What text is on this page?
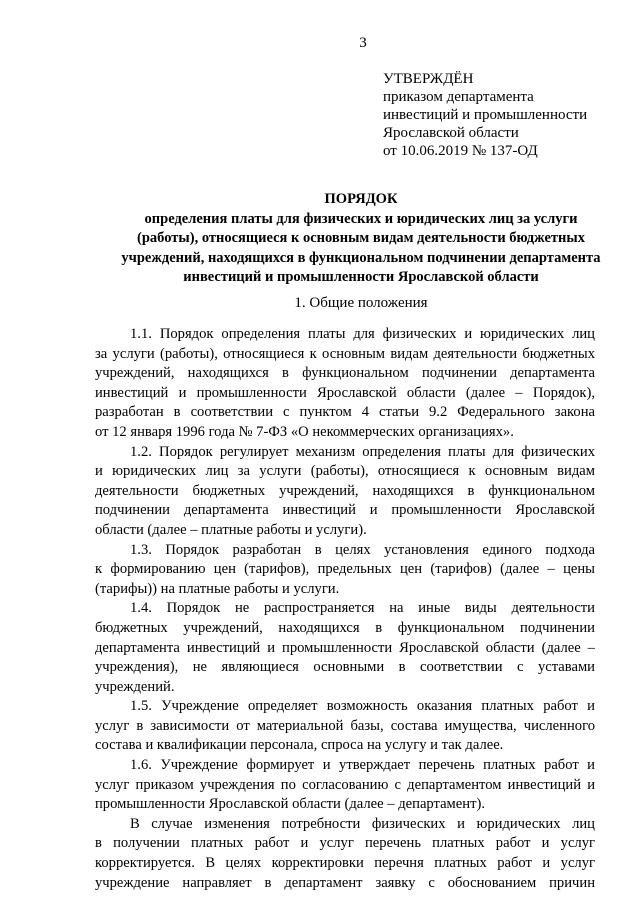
3
УТВЕРЖДЁН
приказом департамента
инвестиций и промышленности
Ярославской области
от 10.06.2019 № 137-ОД
ПОРЯДОК
определения платы для физических и юридических лиц за услуги
(работы), относящиеся к основным видам деятельности бюджетных
учреждений, находящихся в функциональном подчинении департамента
инвестиций и промышленности Ярославской области
1. Общие положения
1.1. Порядок определения платы для физических и юридических лиц
за услуги (работы), относящиеся к основным видам деятельности бюджетных
учреждений, находящихся в функциональном подчинении департамента
инвестиций и промышленности Ярославской области (далее – Порядок),
разработан в соответствии с пунктом 4 статьи 9.2 Федерального закона
от 12 января 1996 года № 7-ФЗ «О некоммерческих организациях».
1.2. Порядок регулирует механизм определения платы для физических
и юридических лиц за услуги (работы), относящиеся к основным видам
деятельности бюджетных учреждений, находящихся в функциональном
подчинении департамента инвестиций и промышленности Ярославской
области (далее – платные работы и услуги).
1.3. Порядок разработан в целях установления единого подхода
к формированию цен (тарифов), предельных цен (тарифов) (далее – цены
(тарифы)) на платные работы и услуги.
1.4. Порядок не распространяется на иные виды деятельности
бюджетных учреждений, находящихся в функциональном подчинении
департамента инвестиций и промышленности Ярославской области (далее –
учреждения), не являющиеся основными в соответствии с уставами
учреждений.
1.5. Учреждение определяет возможность оказания платных работ и
услуг в зависимости от материальной базы, состава имущества, численного
состава и квалификации персонала, спроса на услугу и так далее.
1.6. Учреждение формирует и утверждает перечень платных работ и
услуг приказом учреждения по согласованию с департаментом инвестиций и
промышленности Ярославской области (далее – департамент).
В случае изменения потребности физических и юридических лиц
в получении платных работ и услуг перечень платных работ и услуг
корректируется. В целях корректировки перечня платных работ и услуг
учреждение направляет в департамент заявку с обоснованием причин
